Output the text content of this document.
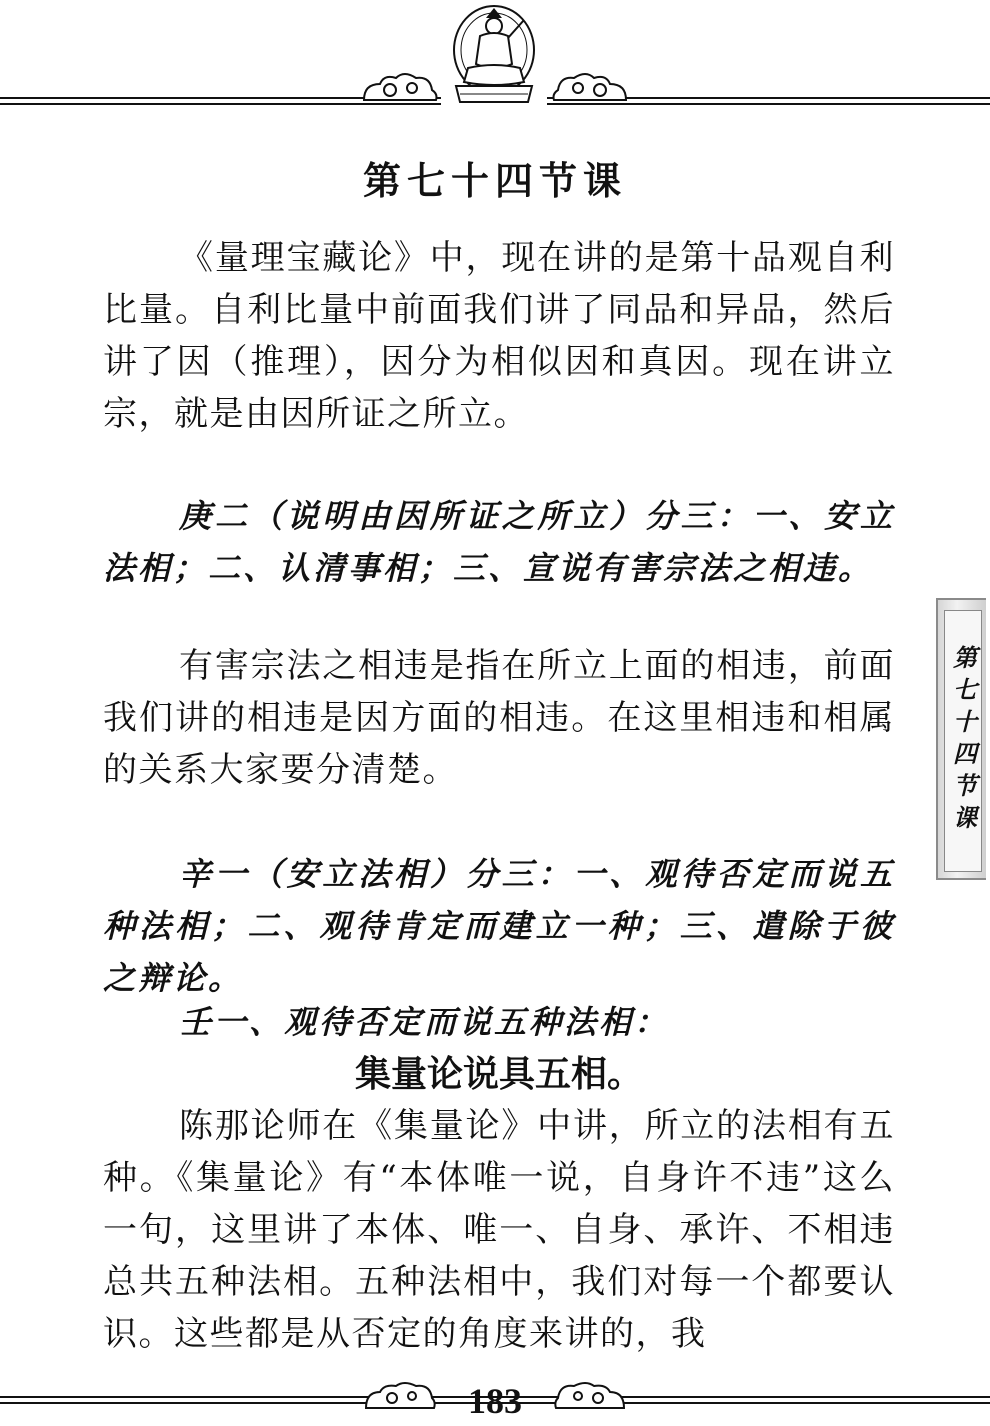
第七十四节课

《量理宝藏论》中，现在讲的是第十品观自利比量。自利比量中前面我们讲了同品和异品，然后讲了因（推理），因分为相似因和真因。现在讲立宗，就是由因所证之所立。

庚二（说明由因所证之所立）分三：一、安立法相；二、认清事相；三、宣说有害宗法之相违。

有害宗法之相违是指在所立上面的相违，前面我们讲的相违是因方面的相违。在这里相违和相属的关系大家要分清楚。

辛一（安立法相）分三：一、观待否定而说五种法相；二、观待肯定而建立一种；三、遣除于彼之辩论。

壬一、观待否定而说五种法相：

集量论说具五相。

陈那论师在《集量论》中讲，所立的法相有五种。《集量论》有“本体唯一说，自身许不违”这么一句，这里讲了本体、唯一、自身、承许、不相违总共五种法相。五种法相中，我们对每一个都要认识。这些都是从否定的角度来讲的，我

第七十四节课
183
